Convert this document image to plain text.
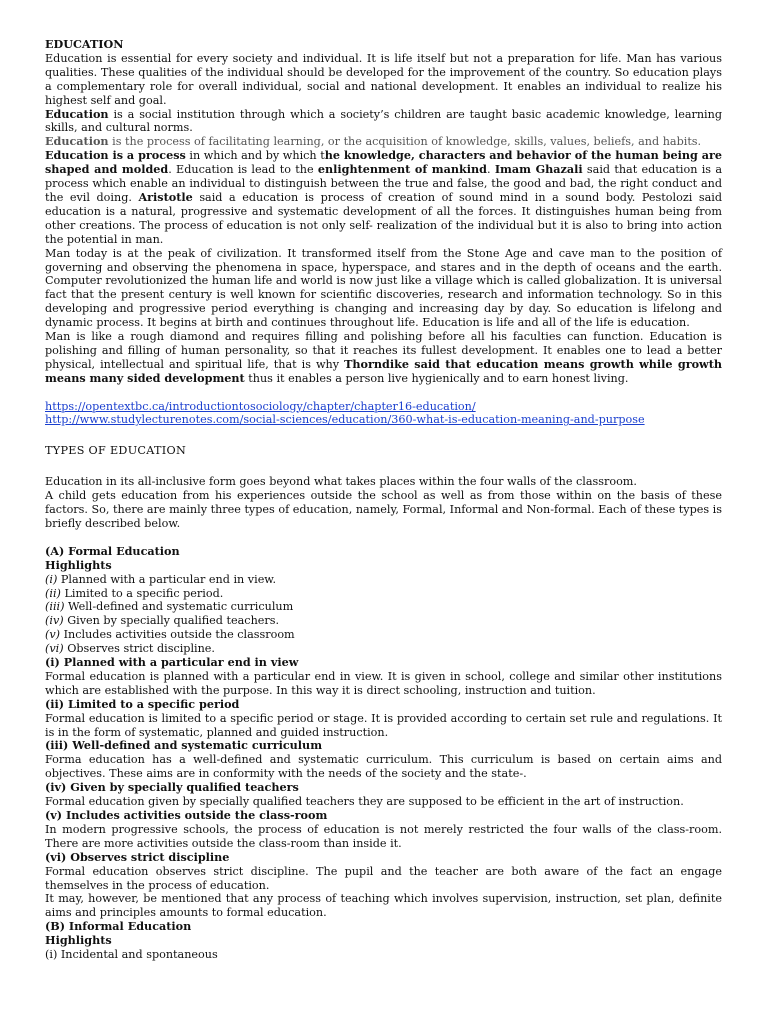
EDUCATION

Education is essential for every society and individual. It is life itself but not a preparation for life. Man has various qualities. These qualities of the individual should be developed for the improvement of the country. So education plays a complementary role for overall individual, social and national development. It enables an individual to realize his highest self and goal.

Education is a social institution through which a society’s children are taught basic academic knowledge, learning skills, and cultural norms.

Education is the process of facilitating learning, or the acquisition of knowledge, skills, values, beliefs, and habits.

Education is a process in which and by which the knowledge, characters and behavior of the human being are shaped and molded. Education is lead to the enlightenment of mankind. Imam Ghazali said that education is a process which enable an individual to distinguish between the true and false, the good and bad, the right conduct and the evil doing. Aristotle said a education is process of creation of sound mind in a sound body. Pestolozi said education is a natural, progressive and systematic development of all the forces. It distinguishes human being from other creations. The process of education is not only self- realization of the individual but it is also to bring into action the potential in man.

Man today is at the peak of civilization. It transformed itself from the Stone Age and cave man to the position of governing and observing the phenomena in space, hyperspace, and stares and in the depth of oceans and the earth. Computer revolutionized the human life and world is now just like a village which is called globalization. It is universal fact that the present century is well known for scientific discoveries, research and information technology. So in this developing and progressive period everything is changing and increasing day by day. So education is lifelong and dynamic process. It begins at birth and continues throughout life. Education is life and all of the life is education.

Man is like a rough diamond and requires filling and polishing before all his faculties can function. Education is polishing and filling of human personality, so that it reaches its fullest development. It enables one to lead a better physical, intellectual and spiritual life, that is why Thorndike said that education means growth while growth means many sided development thus it enables a person live hygienically and to earn honest living.

https://opentextbc.ca/introductiontosociology/chapter/chapter16-education/
http://www.studylecturenotes.com/social-sciences/education/360-what-is-education-meaning-and-purpose
TYPES OF EDUCATION

Education in its all-inclusive form goes beyond what takes places within the four walls of the classroom.

A child gets education from his experiences outside the school as well as from those within on the basis of these factors. So, there are mainly three types of education, namely, Formal, Informal and Non-formal. Each of these types is briefly described below.

(A) Formal Education
Highlights
(i) Planned with a particular end in view.
(ii) Limited to a specific period.
(iii) Well-defined and systematic curriculum
(iv) Given by specially qualified teachers.
(v) Includes activities outside the classroom
(vi) Observes strict discipline.
(i) Planned with a particular end in view

Formal education is planned with a particular end in view. It is given in school, college and similar other institutions which are established with the purpose. In this way it is direct schooling, instruction and tuition.

(ii) Limited to a specific period

Formal education is limited to a specific period or stage. It is provided according to certain set rule and regulations. It is in the form of systematic, planned and guided instruction.

(iii) Well-defined and systematic curriculum

Forma education has a well-defined and systematic curriculum. This curriculum is based on certain aims and objectives. These aims are in conformity with the needs of the society and the state-.

(iv) Given by specially qualified teachers

Formal education given by specially qualified teachers they are supposed to be efficient in the art of instruction.

(v) Includes activities outside the class-room

In modern progressive schools, the process of education is not merely restricted the four walls of the class-room. There are more activities outside the class-room than inside it.

(vi) Observes strict discipline

Formal education observes strict discipline. The pupil and the teacher are both aware of the fact an engage themselves in the process of education.

It may, however, be mentioned that any process of teaching which involves supervision, instruction, set plan, definite aims and principles amounts to formal education.

(B) Informal Education
Highlights
(i) Incidental and spontaneous
